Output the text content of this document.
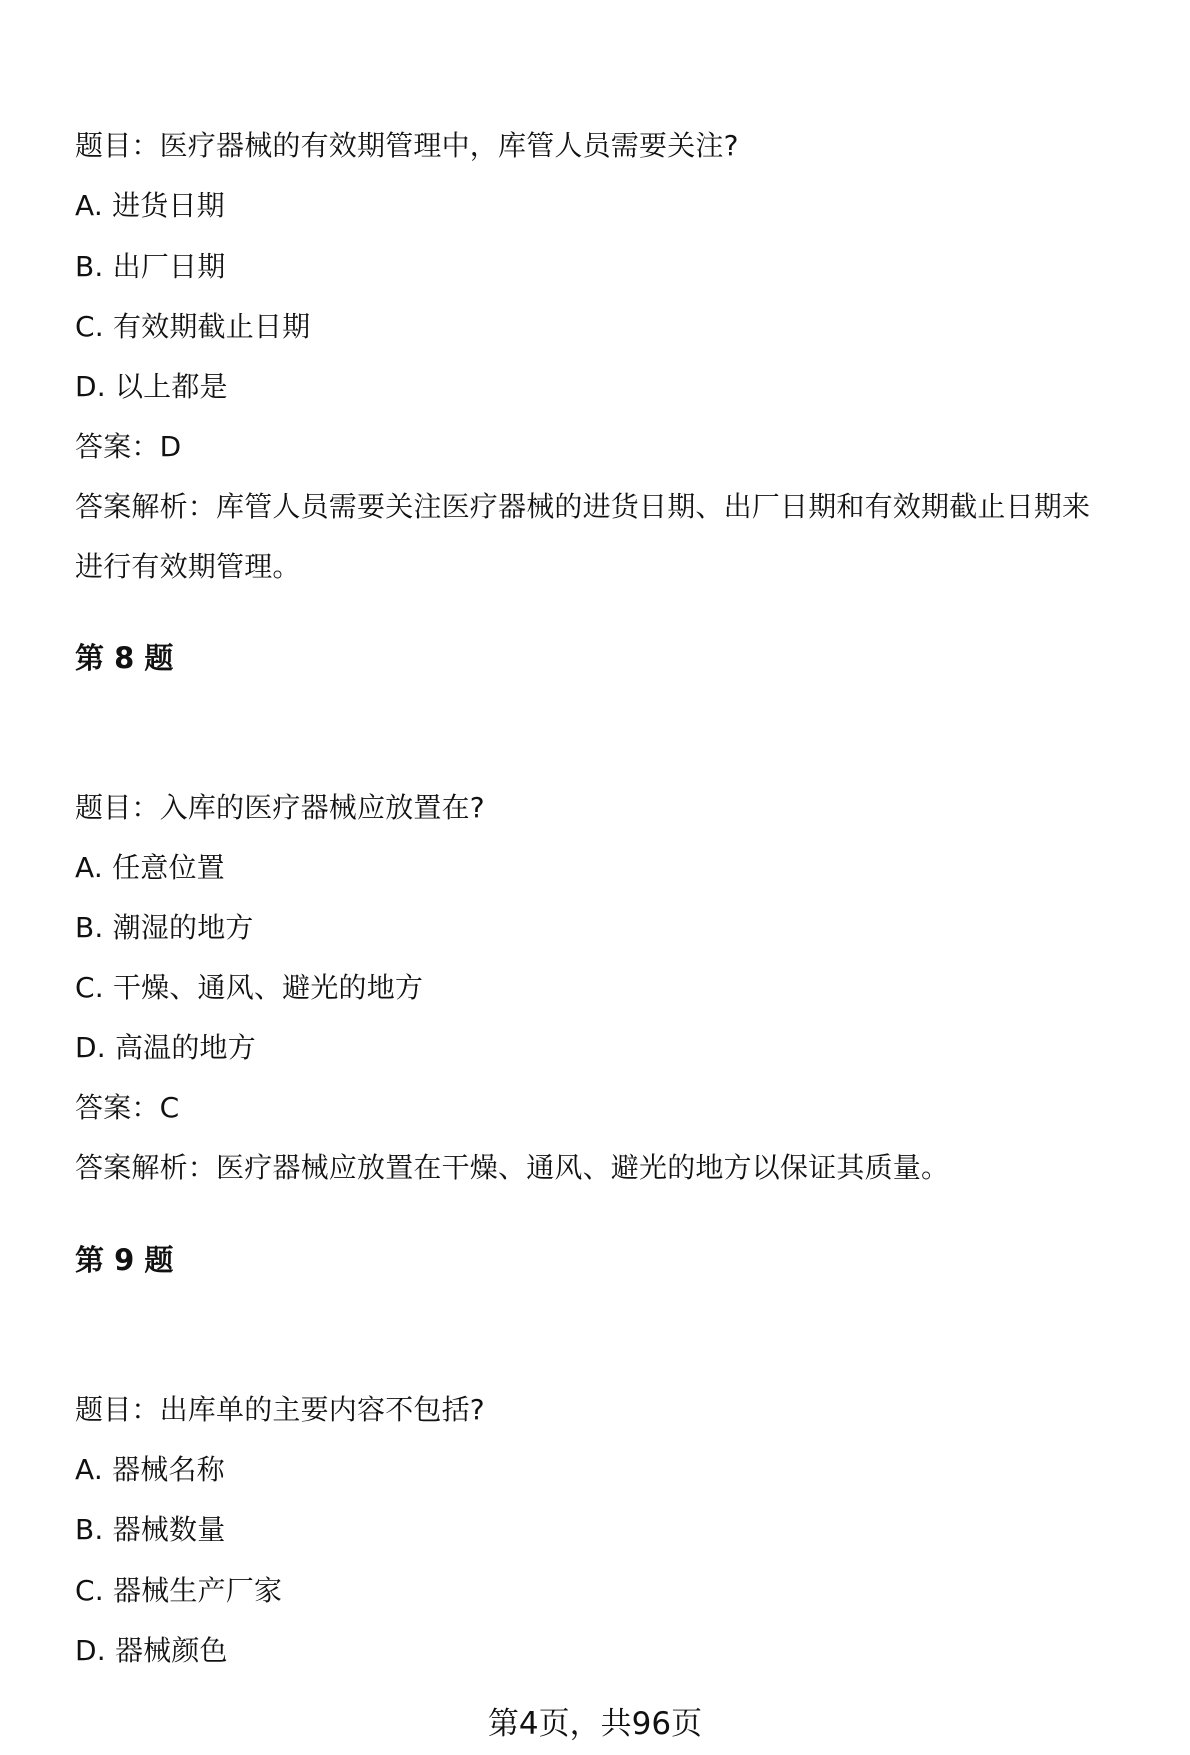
题目：医疗器械的有效期管理中，库管人员需要关注?
A. 进货日期
B. 出厂日期
C. 有效期截止日期
D. 以上都是
答案：D
答案解析：库管人员需要关注医疗器械的进货日期、出厂日期和有效期截止日期来
进行有效期管理。
第 8 题
题目：入库的医疗器械应放置在?
A. 任意位置
B. 潮湿的地方
C. 干燥、通风、避光的地方
D. 高温的地方
答案：C
答案解析：医疗器械应放置在干燥、通风、避光的地方以保证其质量。
第 9 题
题目：出库单的主要内容不包括?
A. 器械名称
B. 器械数量
C. 器械生产厂家
D. 器械颜色
第4页，共96页
